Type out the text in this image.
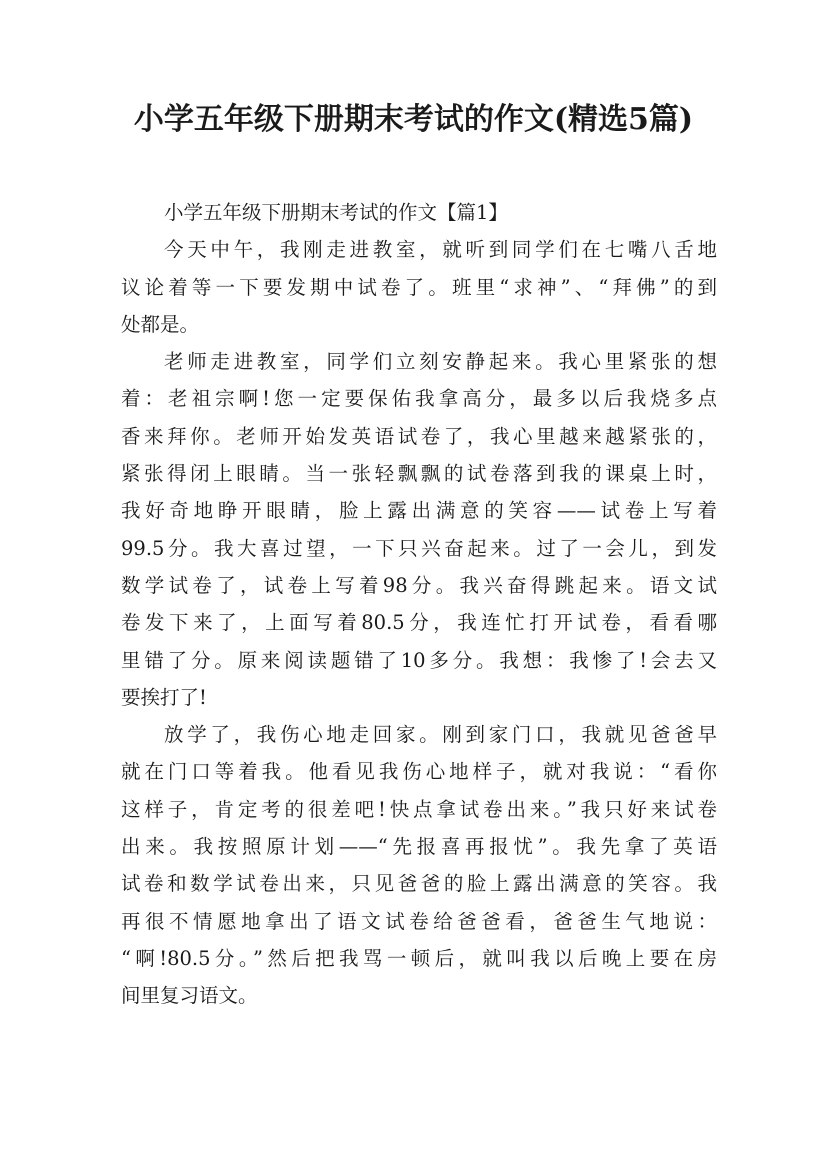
小学五年级下册期末考试的作文(精选5篇)
小学五年级下册期末考试的作文【篇1】
今天中午，我刚走进教室，就听到同学们在七嘴八舌地
议论着等一下要发期中试卷了。班里“求神”、“拜佛”的到
处都是。
老师走进教室，同学们立刻安静起来。我心里紧张的想
着：老祖宗啊!您一定要保佑我拿高分，最多以后我烧多点
香来拜你。老师开始发英语试卷了，我心里越来越紧张的，
紧张得闭上眼睛。当一张轻飘飘的试卷落到我的课桌上时，
我好奇地睁开眼睛，脸上露出满意的笑容——试卷上写着
99.5分。我大喜过望，一下只兴奋起来。过了一会儿，到发
数学试卷了，试卷上写着98分。我兴奋得跳起来。语文试
卷发下来了，上面写着80.5分，我连忙打开试卷，看看哪
里错了分。原来阅读题错了10多分。我想：我惨了!会去又
要挨打了!
放学了，我伤心地走回家。刚到家门口，我就见爸爸早
就在门口等着我。他看见我伤心地样子，就对我说：“看你
这样子，肯定考的很差吧!快点拿试卷出来。”我只好来试卷
出来。我按照原计划——“先报喜再报忧”。我先拿了英语
试卷和数学试卷出来，只见爸爸的脸上露出满意的笑容。我
再很不情愿地拿出了语文试卷给爸爸看，爸爸生气地说：
“啊!80.5分。”然后把我骂一顿后，就叫我以后晚上要在房
间里复习语文。
